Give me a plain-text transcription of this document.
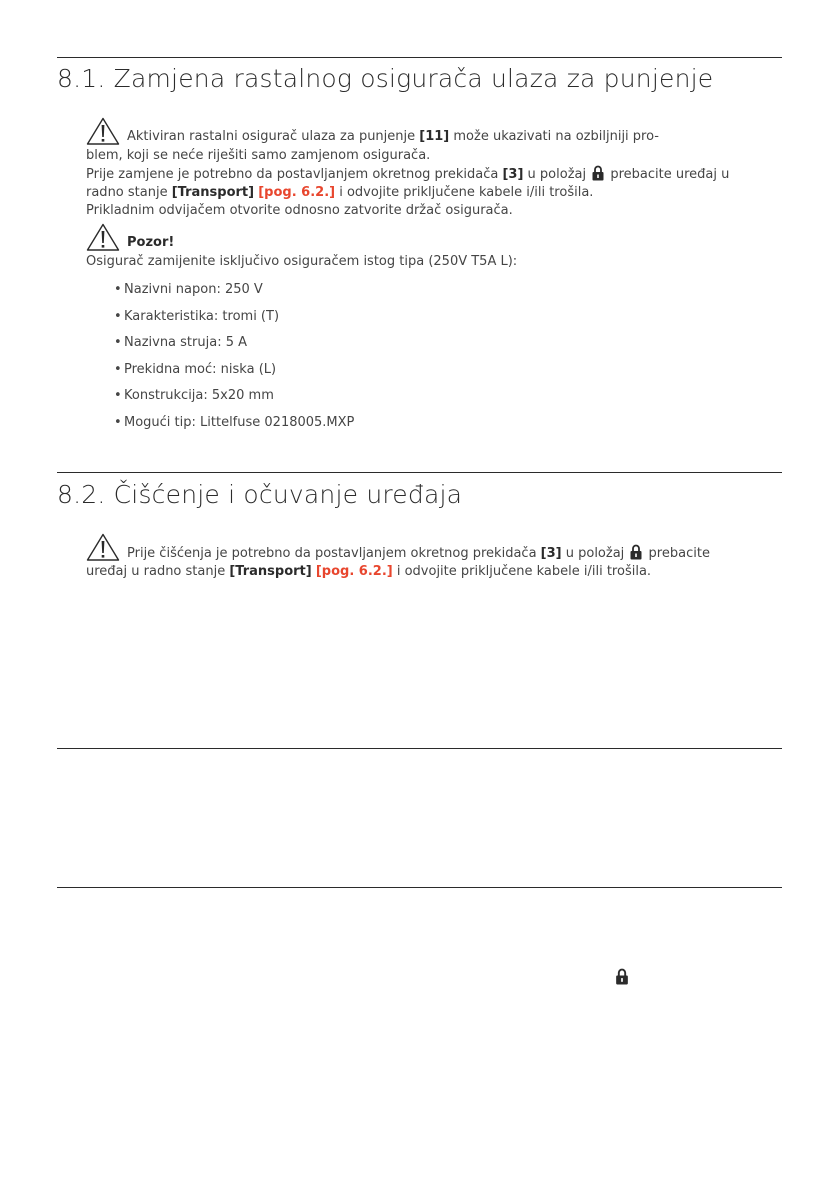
8.1. Zamjena rastalnog osigurača ulaza za punjenje
Aktiviran rastalni osigurač ulaza za punjenje [11] može ukazivati na ozbiljniji pro-

blem, koji se neće riješiti samo zamjenom osigurača.

Prije zamjene je potrebno da postavljanjem okretnog prekidača [3] u položaj  prebacite uređaj u

radno stanje [Transport] [pog. 6.2.] i odvojite priključene kabele i/ili trošila.

Prikladnim odvijačem otvorite odnosno zatvorite držač osigurača.

Pozor!

Osigurač zamijenite isključivo osiguračem istog tipa (250V T5A L):

• Nazivni napon: 250 V
• Karakteristika: tromi (T)
• Nazivna struja: 5 A
• Prekidna moć: niska (L)
• Konstrukcija: 5x20 mm
• Mogući tip: Littelfuse 0218005.MXP
8.2. Čišćenje i očuvanje uređaja
Prije čišćenja je potrebno da postavljanjem okretnog prekidača [3] u položaj  prebacite

uređaj u radno stanje [Transport] [pog. 6.2.] i odvojite priključene kabele i/ili trošila.
